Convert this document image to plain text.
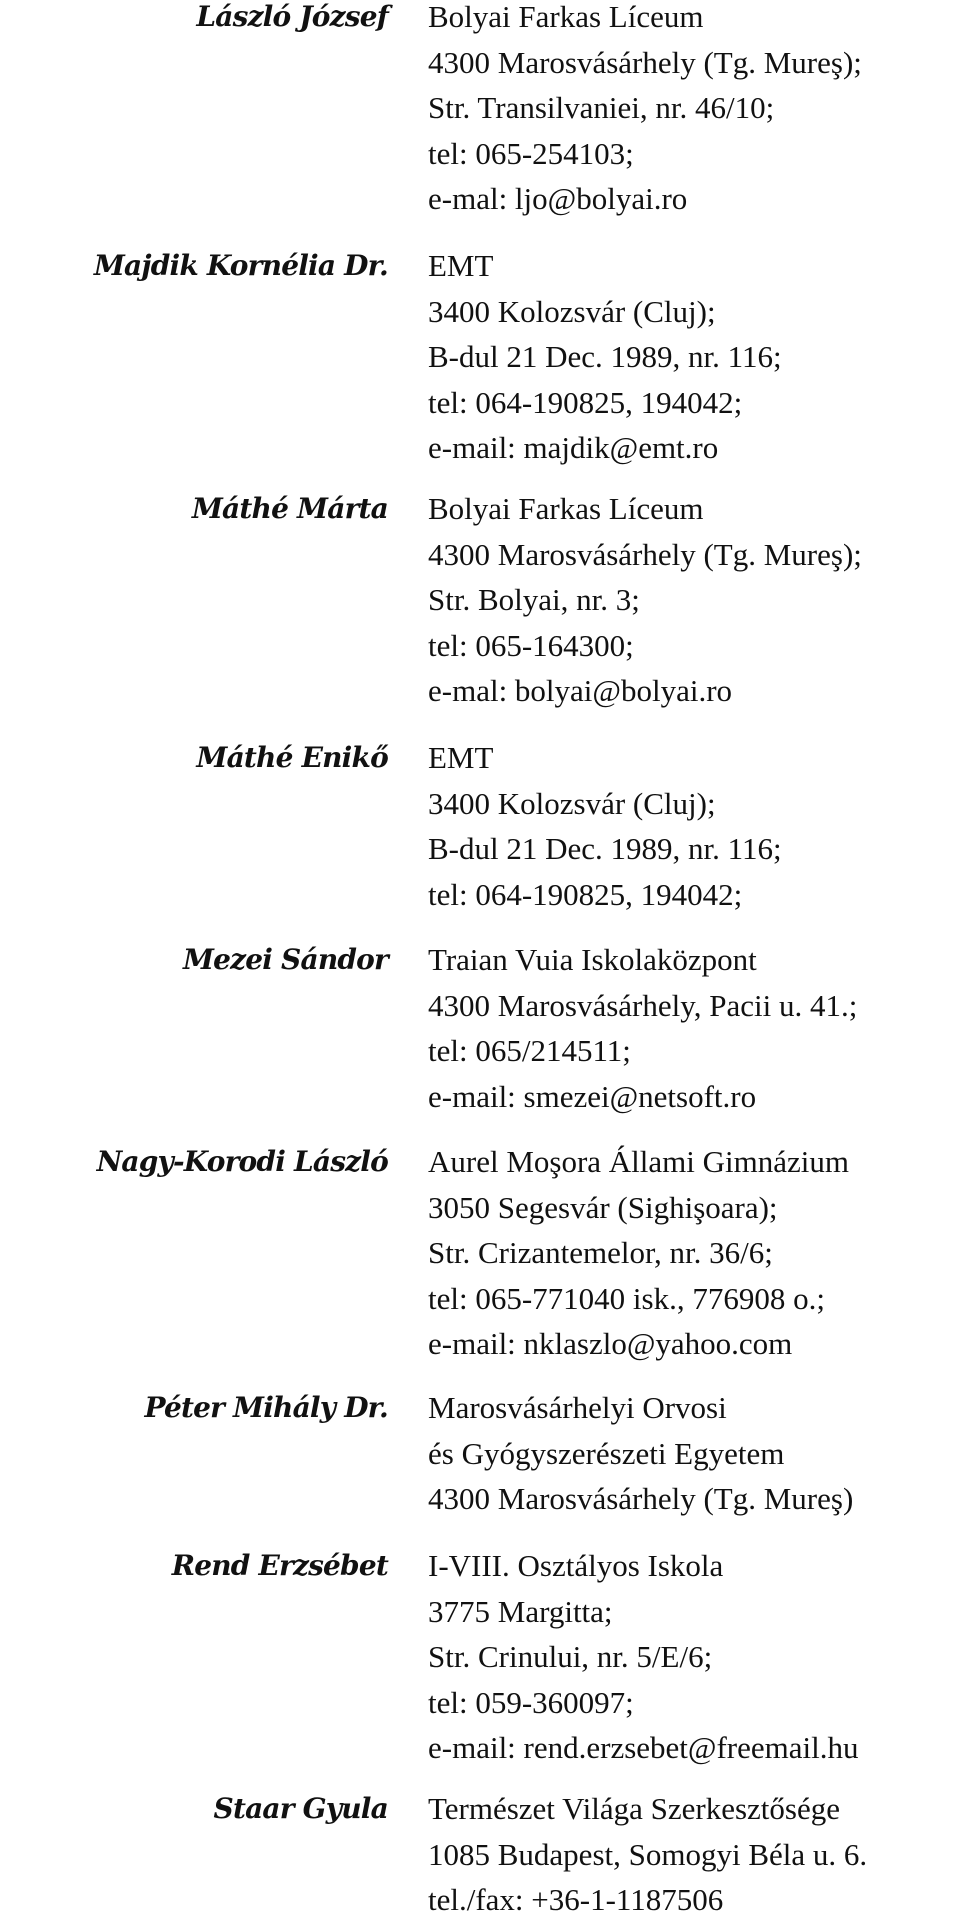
László József Bolyai Farkas Líceum
4300 Marosvásárhely (Tg. Mureş);
Str. Transilvaniei, nr. 46/10;
tel: 065-254103;
e-mal: ljo@bolyai.ro
Majdik Kornélia Dr. EMT
3400 Kolozsvár (Cluj);
B-dul 21 Dec. 1989, nr. 116;
tel: 064-190825, 194042;
e-mail: majdik@emt.ro
Máthé Márta Bolyai Farkas Líceum
4300 Marosvásárhely (Tg. Mureş);
Str. Bolyai, nr. 3;
tel: 065-164300;
e-mal: bolyai@bolyai.ro
Máthé Enikő EMT
3400 Kolozsvár (Cluj);
B-dul 21 Dec. 1989, nr. 116;
tel: 064-190825, 194042;
Mezei Sándor Traian Vuia Iskolaközpont
4300 Marosvásárhely, Pacii u. 41.;
tel: 065/214511;
e-mail: smezei@netsoft.ro
Nagy-Korodi László Aurel Moşora Állami Gimnázium
3050 Segesvár (Sighişoara);
Str. Crizantemelor, nr. 36/6;
tel: 065-771040 isk., 776908 o.;
e-mail: nklaszlo@yahoo.com
Péter Mihály Dr. Marosvásárhelyi Orvosi
és Gyógyszerészeti Egyetem
4300 Marosvásárhely (Tg. Mureş)
Rend Erzsébet I-VIII. Osztályos Iskola
3775 Margitta;
Str. Crinului, nr. 5/E/6;
tel: 059-360097;
e-mail: rend.erzsebet@freemail.hu
Staar Gyula Természet Világa Szerkesztősége
1085 Budapest, Somogyi Béla u. 6.
tel./fax: +36-1-1187506
